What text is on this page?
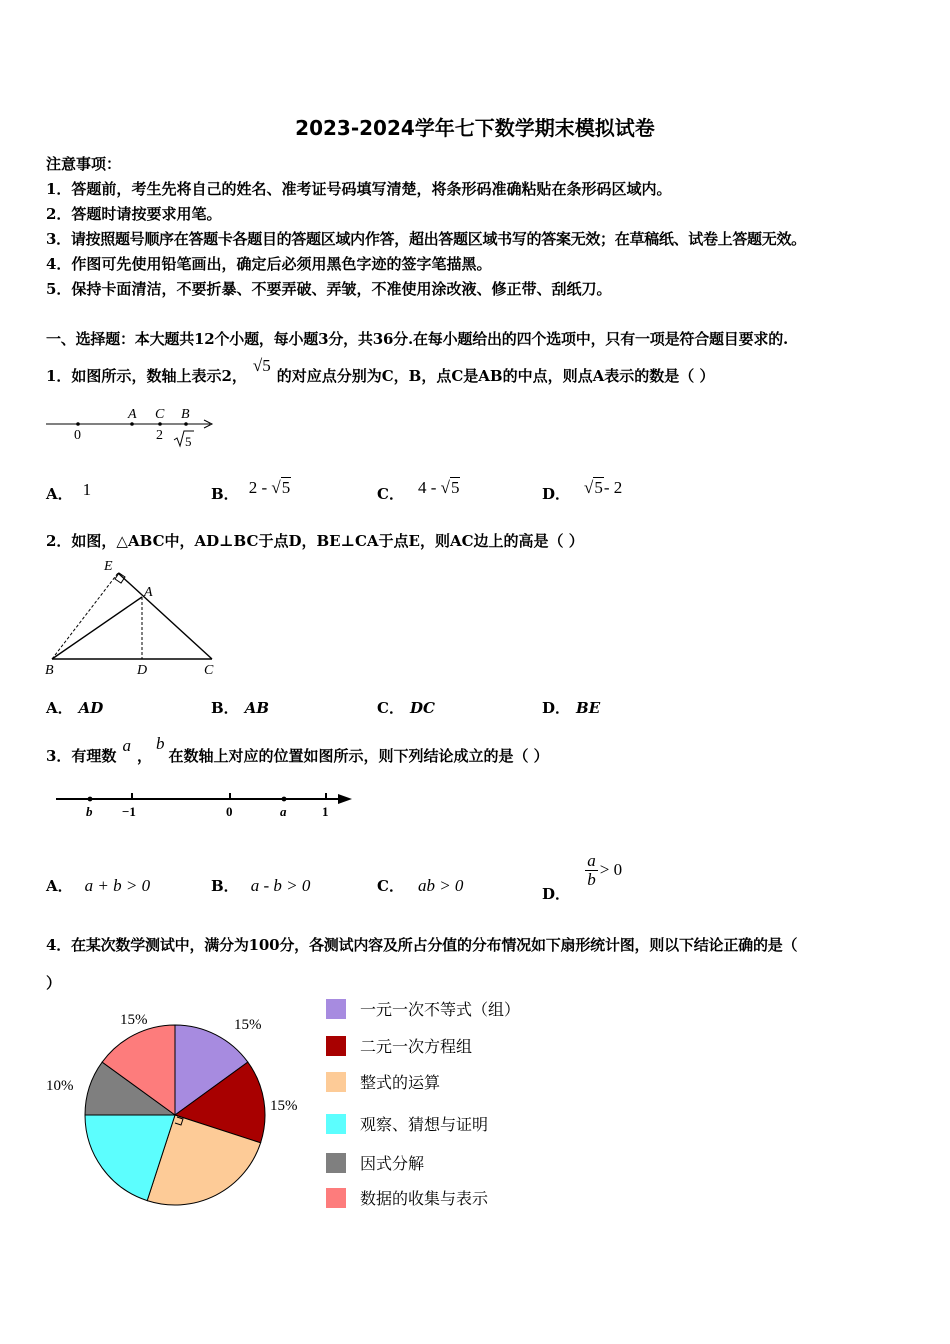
2023-2024学年七下数学期末模拟试卷
注意事项：
1．答题前，考生先将自己的姓名、准考证号码填写清楚，将条形码准确粘贴在条形码区域内。
2．答题时请按要求用笔。
3．请按照题号顺序在答题卡各题目的答题区域内作答，超出答题区域书写的答案无效；在草稿纸、试卷上答题无效。
4．作图可先使用铅笔画出，确定后必须用黑色字迹的签字笔描黑。
5．保持卡面清洁，不要折暴、不要弄破、弄皱，不准使用涂改液、修正带、刮纸刀。
一、选择题：本大题共12个小题，每小题3分，共36分.在每小题给出的四个选项中，只有一项是符合题目要求的.
1．如图所示，数轴上表示2，√5的对应点分别为C，B，点C是AB的中点，则点A表示的数是（ ）
0
A C B
2 5
A． 1	B． 2 - √5	C． 4 - √5	D． √5- 2
2．如图，△ABC中，AD⊥BC于点D，BE⊥CA于点E，则AC边上的高是（ ）
E
A
B	D	C
A． AD	B． AB	C． DC	D． BE
3．有理数a，b在数轴上对应的位置如图所示，则下列结论成立的是（ ）
b −1	0	a	1
A． a + b > 0	B． a - b > 0	C． ab > 0	D．
$\frac{a}{b} > 0$
4．在某次数学测试中，满分为100分，各测试内容及所占分值的分布情况如下扇形统计图，则以下结论正确的是（
）
15%
15%
10%
15%
一元一次不等式（组）
二元一次方程组
整式的运算
观察、猜想与证明
因式分解
数据的收集与表示
